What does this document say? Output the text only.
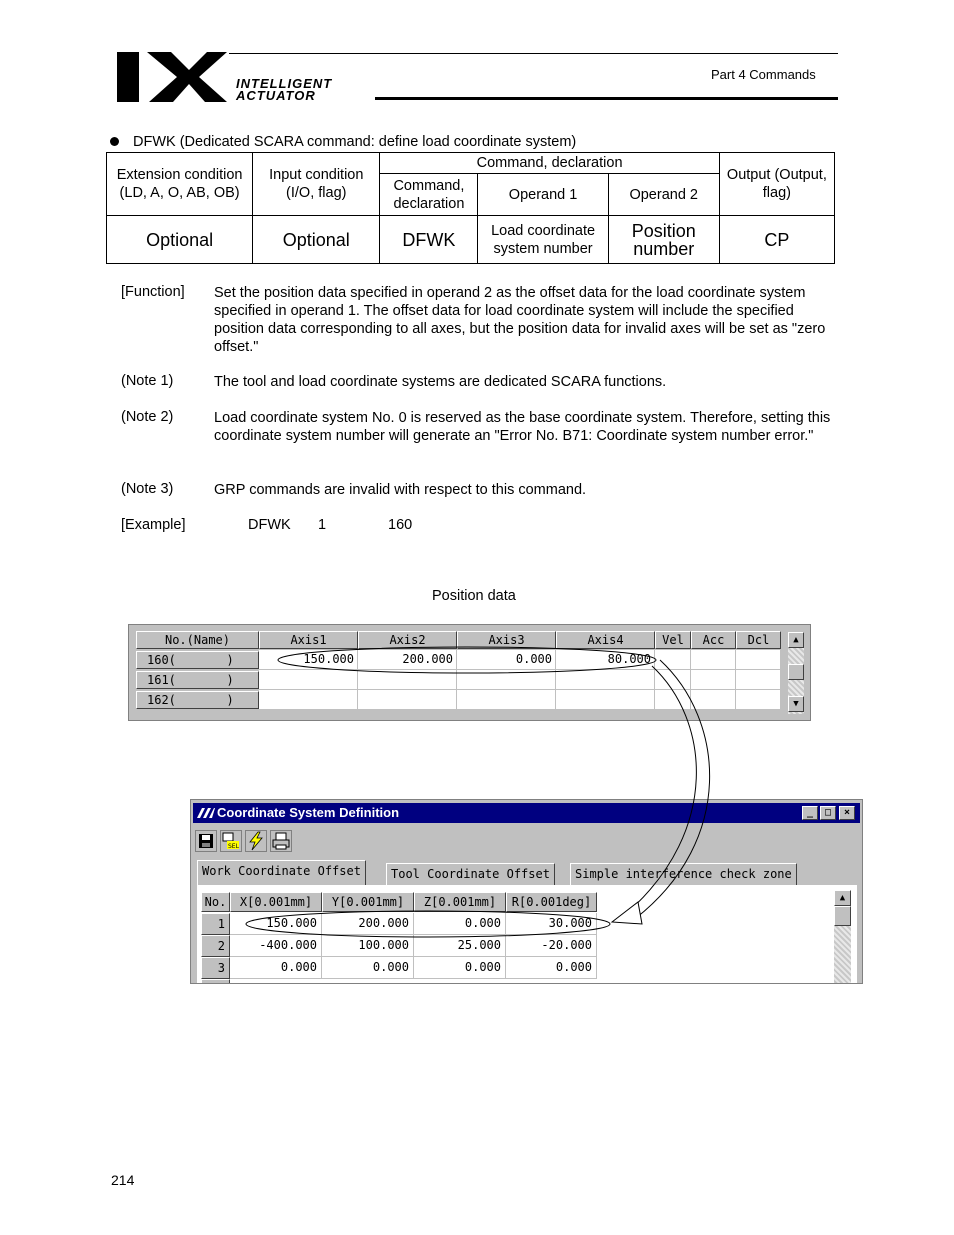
INTELLIGENT
ACTUATOR
Part 4 Commands
DFWK (Dedicated SCARA command: define load coordinate system)
Extension condition (LD, A, O, AB, OB)	Input condition (I/O, flag)	Command, declaration			Output (Output, flag)
		Command, declaration	Operand 1	Operand 2	
Optional	Optional	DFWK	Load coordinate system number	Position number	CP
[Function] Set the position data specified in operand 2 as the offset data for the load coordinate system specified in operand 1. The offset data for load coordinate system will include the specified position data corresponding to all axes, but the position data for invalid axes will be set as "zero offset."
(Note 1)	The tool and load coordinate systems are dedicated SCARA functions.
(Note 2)	Load coordinate system No. 0 is reserved as the base coordinate system. Therefore, setting this coordinate system number will generate an "Error No. B71: Coordinate system number error."
(Note 3)	GRP commands are invalid with respect to this command.
[Example]	DFWK 1	160
Position data
No.(Name)	Axis1	Axis2	Axis3	Axis4	Vel	Acc	Dcl
160(       )	150.000	200.000	0.000	80.000
161(       )
162(       )
▲
▼
Coordinate System Definition	_	□	×
SEL
Work Coordinate Offset	Tool Coordinate Offset	Simple interference check zone
No.	X[0.001mm]	Y[0.001mm]	Z[0.001mm]	R[0.001deg]
1	150.000	200.000	0.000	30.000
2	-400.000	100.000	25.000	-20.000
3	0.000	0.000	0.000	0.000
▲
214
